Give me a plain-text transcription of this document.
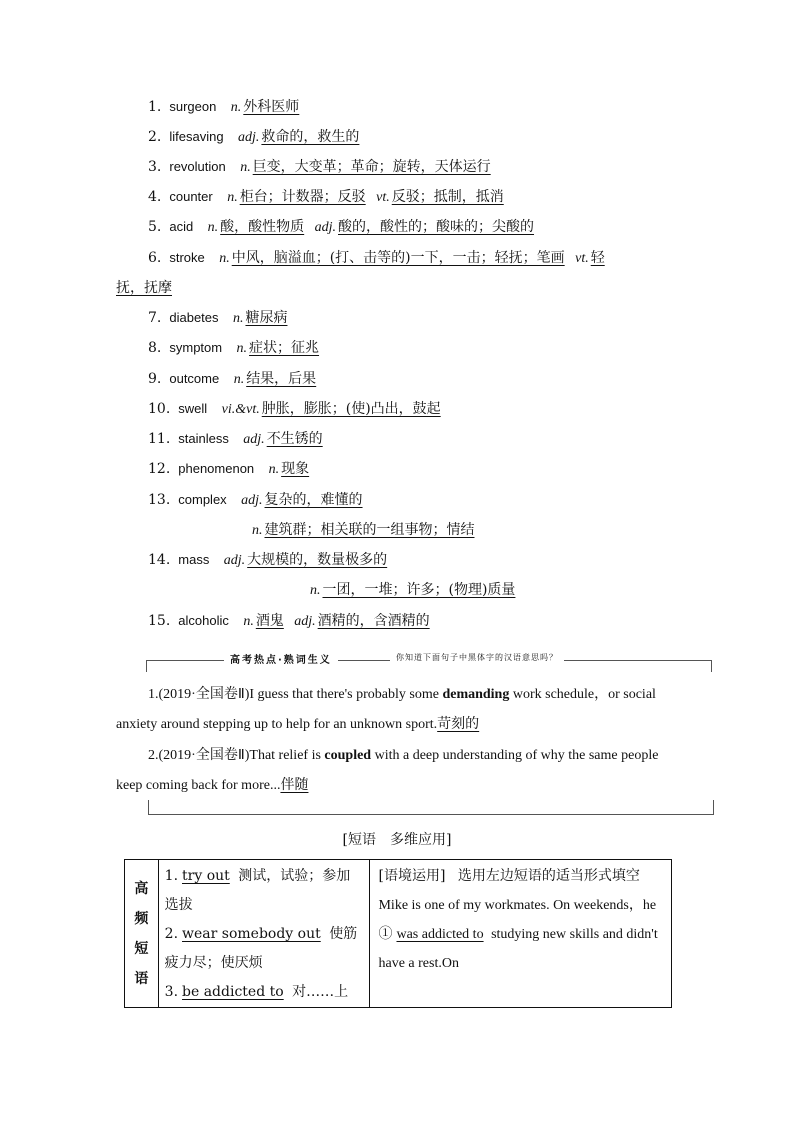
1. surgeon n. 外科医师
2. lifesaving adj. 救命的，救生的
3. revolution n. 巨变，大变革；革命；旋转，天体运行
4. counter n. 柜台；计数器；反驳 vt. 反驳；抵制，抵消
5. acid n. 酸，酸性物质 adj. 酸的，酸性的；酸味的；尖酸的
6. stroke n. 中风，脑溢血；(打、击等的)一下，一击；轻抚；笔画 vt. 轻
抚，抚摩
7. diabetes n. 糖尿病
8. symptom n. 症状；征兆
9. outcome n. 结果，后果
10. swell vi.&vt. 肿胀，膨胀；(使)凸出，鼓起
11. stainless adj. 不生锈的
12. phenomenon n. 现象
13. complex adj. 复杂的，难懂的
n. 建筑群；相关联的一组事物；情结
14. mass adj. 大规模的，数量极多的
n. 一团，一堆；许多；(物理)质量
15. alcoholic n. 酒鬼 adj. 酒精的，含酒精的
高考热点·熟词生义	你知道下面句子中黑体字的汉语意思吗？
1.(2019·全国卷Ⅱ)I guess that there's probably some demanding work schedule，or social anxiety around stepping up to help for an unknown sport.苛刻的
2.(2019·全国卷Ⅱ)That relief is coupled with a deep understanding of why the same people keep coming back for more...伴随
[短语　多维应用]
高
频
短
语

1. try out 测试，试验；参加选拔
2. wear somebody out 使筋疲力尽；使厌烦
3. be addicted to 对……上

[语境运用] 选用左边短语的适当形式填空
Mike is one of my workmates. On weekends，he ① was addicted to studying new skills and didn't have a rest.On
